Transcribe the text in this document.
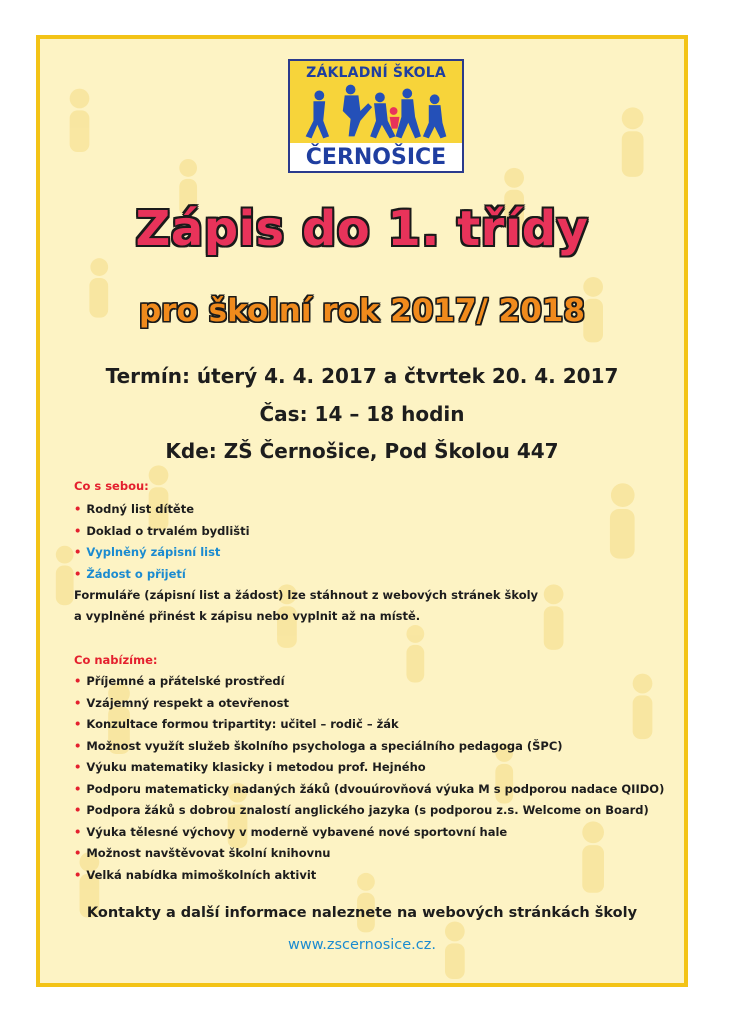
ZÁKLADNÍ ŠKOLA
ČERNOŠICE
Zápis do 1. třídy
pro školní rok 2017/ 2018
Termín: úterý 4. 4. 2017 a čtvrtek 20. 4. 2017
Čas: 14 – 18 hodin
Kde: ZŠ Černošice, Pod Školou 447
Co s sebou:
• Rodný list dítěte
• Doklad o trvalém bydlišti
• Vyplněný zápisní list
• Žádost o přijetí
Formuláře (zápisní list a žádost) lze stáhnout z webových stránek školy
a vyplněné přinést k zápisu nebo vyplnit až na místě.
Co nabízíme:
• Příjemné a přátelské prostředí
• Vzájemný respekt a otevřenost
• Konzultace formou tripartity: učitel – rodič – žák
• Možnost využít služeb školního psychologa a speciálního pedagoga (ŠPC)
• Výuku matematiky klasicky i metodou prof. Hejného
• Podporu matematicky nadaných žáků (dvouúrovňová výuka M s podporou nadace QIIDO)
• Podpora žáků s dobrou znalostí anglického jazyka (s podporou z.s. Welcome on Board)
• Výuka tělesné výchovy v moderně vybavené nové sportovní hale
• Možnost navštěvovat školní knihovnu
• Velká nabídka mimoškolních aktivit
Kontakty a další informace naleznete na webových stránkách školy
www.zscernosice.cz.
